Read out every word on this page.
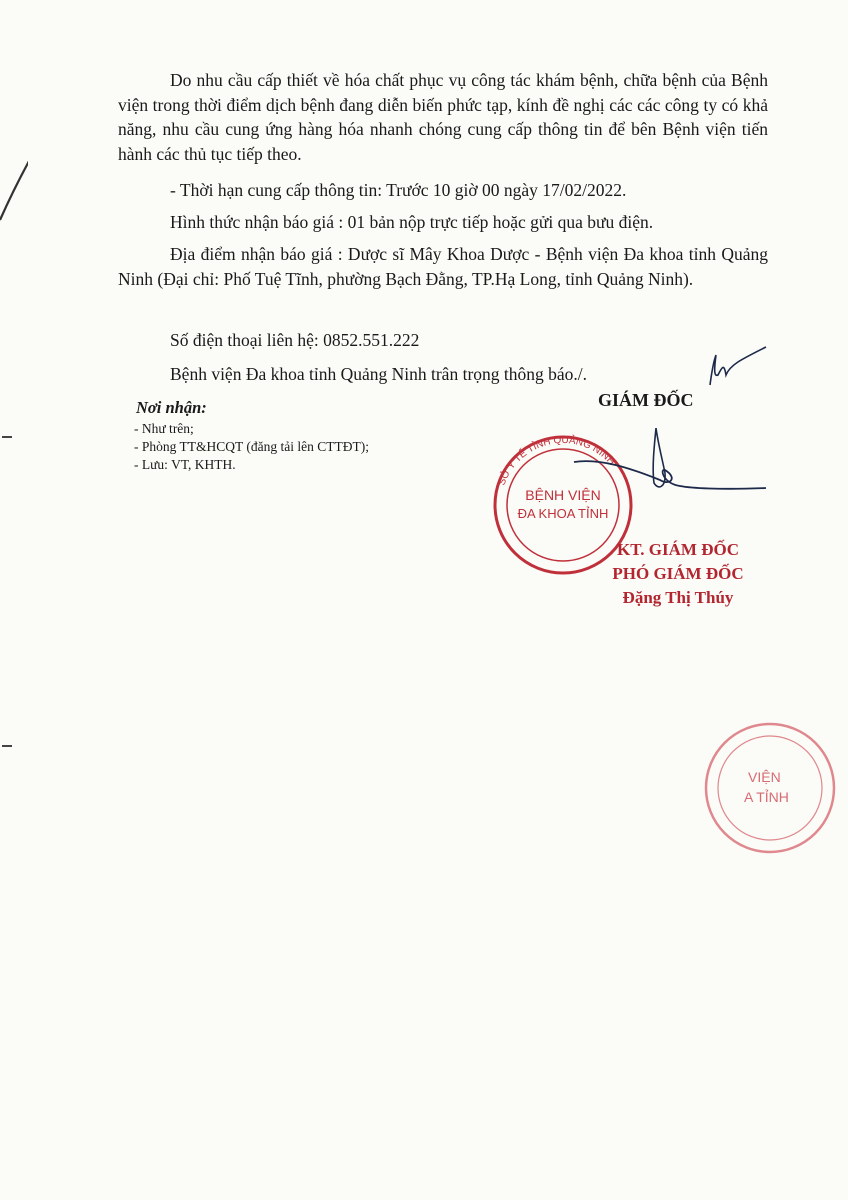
Do nhu cầu cấp thiết về hóa chất phục vụ công tác khám bệnh, chữa bệnh của Bệnh viện trong thời điểm dịch bệnh đang diễn biến phức tạp, kính đề nghị các các công ty có khả năng, nhu cầu cung ứng hàng hóa nhanh chóng cung cấp thông tin để bên Bệnh viện tiến hành các thủ tục tiếp theo.

- Thời hạn cung cấp thông tin: Trước 10 giờ 00 ngày 17/02/2022.

Hình thức nhận báo giá : 01 bản nộp trực tiếp hoặc gửi qua bưu điện.

Địa điểm nhận báo giá : Dược sĩ Mây Khoa Dược - Bệnh viện Đa khoa tỉnh Quảng Ninh (Đại chỉ: Phố Tuệ Tĩnh, phường Bạch Đằng, TP.Hạ Long, tỉnh Quảng Ninh).

Số điện thoại liên hệ: 0852.551.222

Bệnh viện Đa khoa tỉnh Quảng Ninh trân trọng thông báo./.

Nơi nhận:

- Như trên;
- Phòng TT&HCQT (đăng tải lên CTTĐT);
- Lưu: VT, KHTH.

GIÁM ĐỐC

BỆNH VIỆN
ĐA KHOA TỈNH
SỞ Y TẾ TỈNH QUẢNG NINH
KT. GIÁM ĐỐC
PHÓ GIÁM ĐỐC
Đặng Thị Thúy
VIỆN
A TỈNH
